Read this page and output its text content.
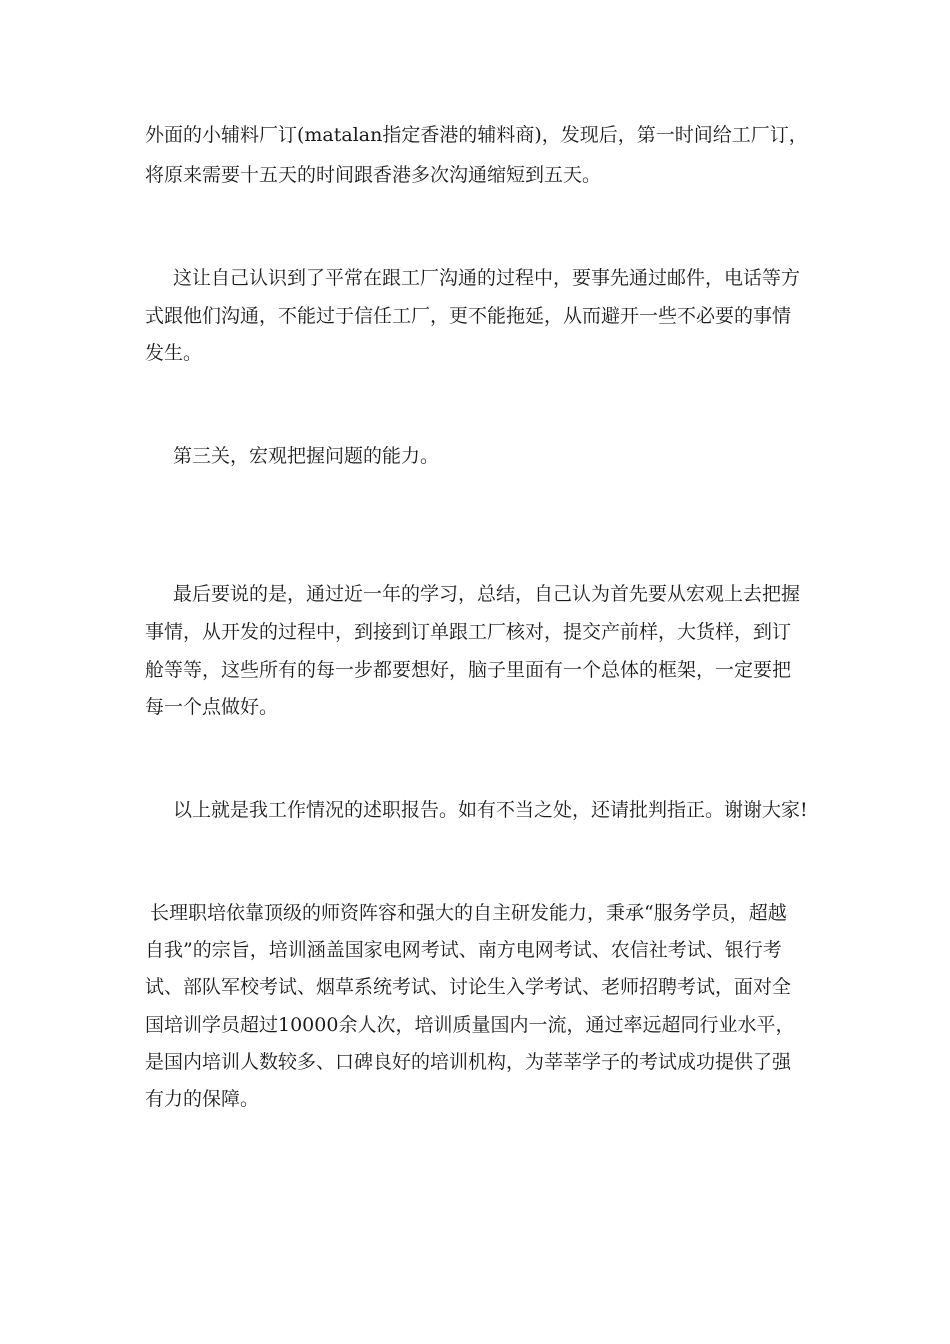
外面的小辅料厂订(matalan指定香港的辅料商)，发现后，第一时间给工厂订，
将原来需要十五天的时间跟香港多次沟通缩短到五天。
这让自己认识到了平常在跟工厂沟通的过程中，要事先通过邮件，电话等方
式跟他们沟通，不能过于信任工厂，更不能拖延，从而避开一些不必要的事情
发生。
第三关，宏观把握问题的能力。
最后要说的是，通过近一年的学习，总结，自己认为首先要从宏观上去把握
事情，从开发的过程中，到接到订单跟工厂核对，提交产前样，大货样，到订
舱等等，这些所有的每一步都要想好，脑子里面有一个总体的框架，一定要把
每一个点做好。
以上就是我工作情况的述职报告。如有不当之处，还请批判指正。谢谢大家!
长理职培依靠顶级的师资阵容和强大的自主研发能力，秉承“服务学员，超越
自我”的宗旨，培训涵盖国家电网考试、南方电网考试、农信社考试、银行考
试、部队军校考试、烟草系统考试、讨论生入学考试、老师招聘考试，面对全
国培训学员超过10000余人次，培训质量国内一流，通过率远超同行业水平，
是国内培训人数较多、口碑良好的培训机构，为莘莘学子的考试成功提供了强
有力的保障。
